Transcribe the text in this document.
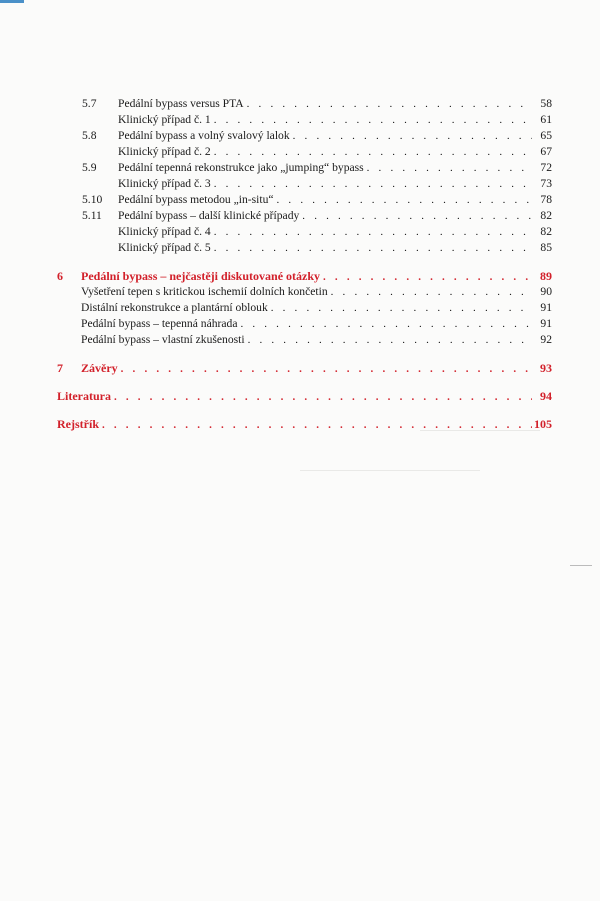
5.7 Pedální bypass versus PTA . . .	58
Klinický případ č. 1 . . .	61
5.8 Pedální bypass a volný svalový lalok . . .	65
Klinický případ č. 2 . . .	67
5.9 Pedální tepenná rekonstrukce jako „jumping“ bypass . . .	72
Klinický případ č. 3 . . .	73
5.10 Pedální bypass metodou „in-situ“ . . .	78
5.11 Pedální bypass – další klinické případy . . .	82
Klinický případ č. 4 . . .	82
Klinický případ č. 5 . . .	85
6 Pedální bypass – nejčastěji diskutované otázky . . .	89
Vyšetření tepen s kritickou ischemií dolních končetin . . .	90
Distální rekonstrukce a plantární oblouk . . .	91
Pedální bypass – tepenná náhrada . . .	91
Pedální bypass – vlastní zkušenosti . . .	92
7 Závěry . . .	93
Literatura . . .	94
Rejstřík . . .	105
